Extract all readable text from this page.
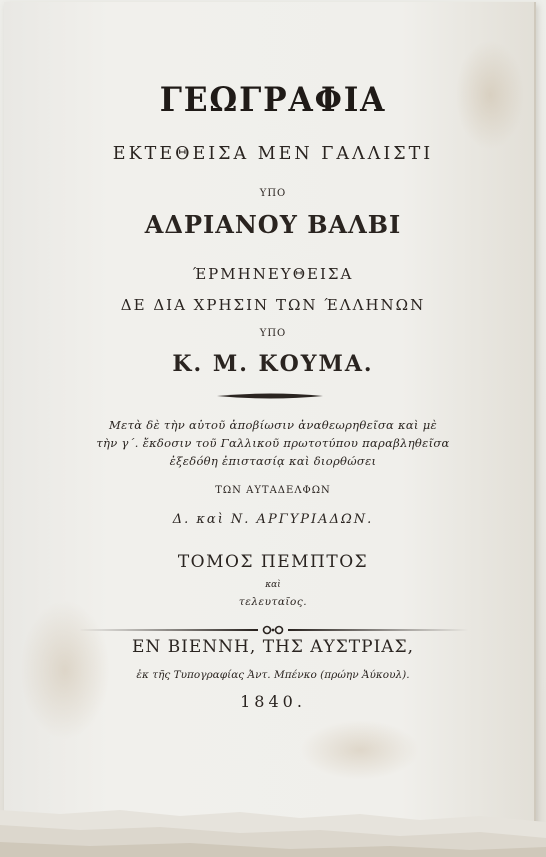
ΓΕΩΓΡΑΦΙΑ
ΕΚΤΕΘΕΙΣΑ ΜΕΝ ΓΑΛΛΙΣΤΙ
ΥΠΟ
ΑΔΡΙΑΝΟΥ ΒΑΛΒΙ
ΈΡΜΗΝΕΥΘΕΙΣΑ
ΔΕ ΔΙΑ ΧΡΗΣΙΝ ΤΩΝ ΈΛΛΗΝΩΝ
ΥΠΟ
Κ. Μ. ΚΟΥΜΑ.
Μετὰ δὲ τὴν αὐτοῦ ἀποβίωσιν ἀναθεωρηθεῖσα καὶ μὲ
τὴν γ΄. ἔκδοσιν τοῦ Γαλλικοῦ πρωτοτύπου παραβληθεῖσα
ἐξεδόθη ἐπιστασίᾳ καὶ διορθώσει
ΤΩΝ ΑΥΤΑΔΕΛΦΩΝ
Δ. καὶ Ν. ΑΡΓΥΡΙΑΔΩΝ.
ΤΟΜΟΣ ΠΕΜΠΤΟΣ
καὶ
τελευταῖος.
ΕΝ ΒΙΕΝΝΗ, ΤΗΣ ΑΥΣΤΡΙΑΣ,
ἐκ τῆς Τυπογραφίας Ἀντ. Μπένκο (πρώην Ἀύκουλ).
1840.
